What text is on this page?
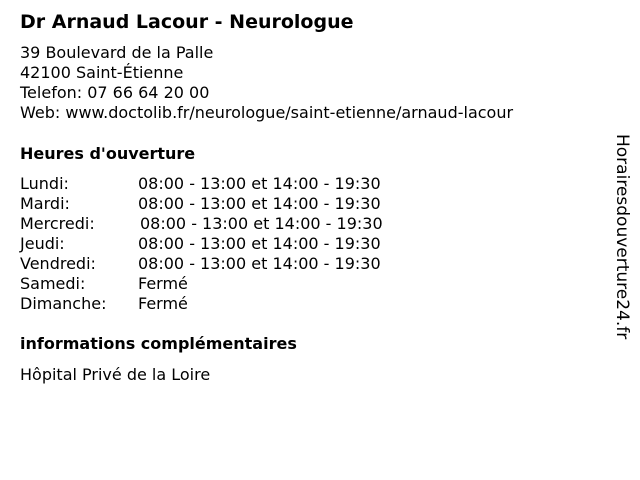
Dr Arnaud Lacour - Neurologue
39 Boulevard de la Palle
42100 Saint-Étienne
Telefon: 07 66 64 20 00
Web: www.doctolib.fr/neurologue/saint-etienne/arnaud-lacour
Heures d'ouverture
Lundi:	08:00 - 13:00 et 14:00 - 19:30
Mardi:	08:00 - 13:00 et 14:00 - 19:30
Mercredi:	08:00 - 13:00 et 14:00 - 19:30
Jeudi:	08:00 - 13:00 et 14:00 - 19:30
Vendredi:	08:00 - 13:00 et 14:00 - 19:30
Samedi:	Fermé
Dimanche: Fermé
informations complémentaires
Hôpital Privé de la Loire
Horairesdouverture24.fr
